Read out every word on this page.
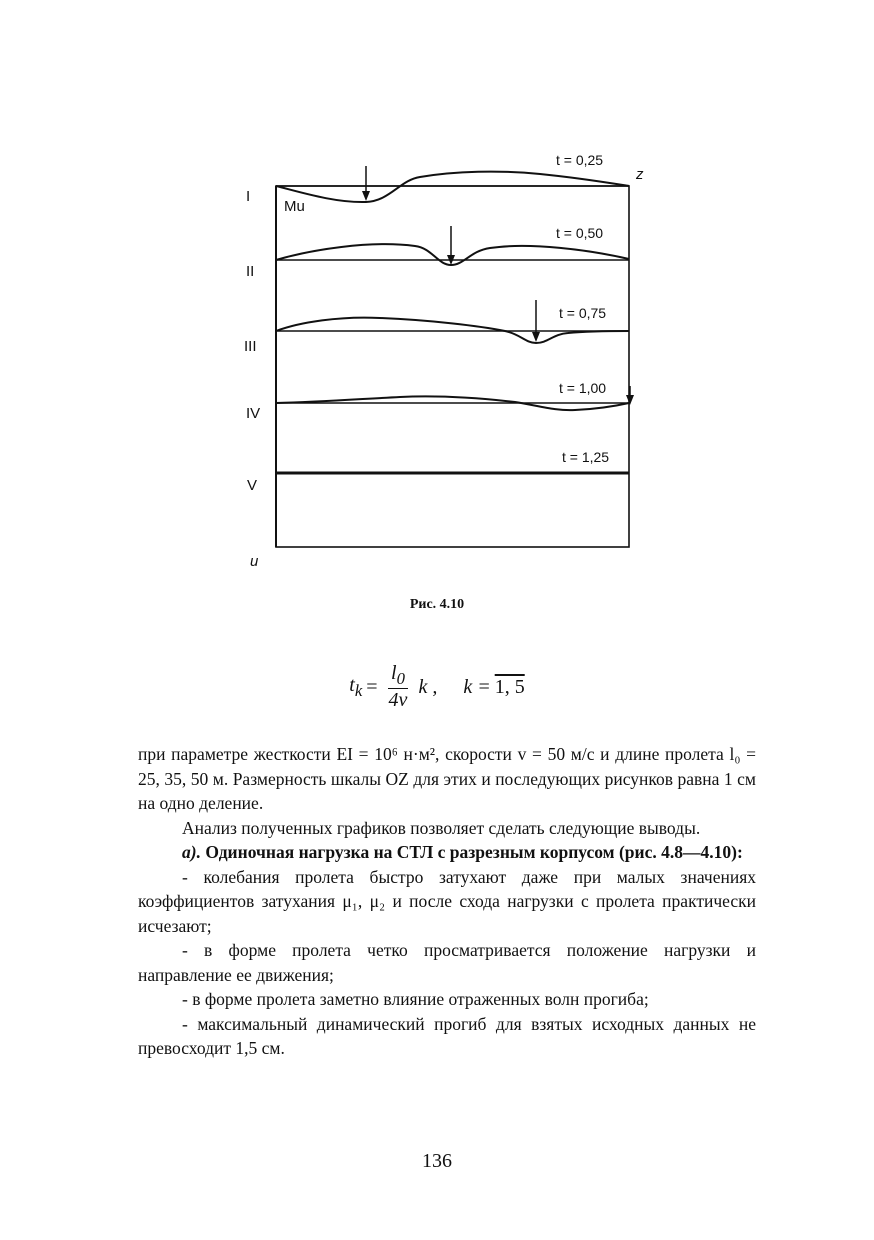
z
u
Mu
I
t = 0,25
II
t = 0,50
III
t = 0,75
IV
t = 1,00
V
t = 1,25
Рис. 4.10
$t_k = \frac{l_0}{4v}$ k , k = 1, 5

при параметре жесткости EI = 10⁶ н·м², скорости v = 50 м/с и длине пролета l₀ = 25, 35, 50 м. Размерность шкалы OZ для этих и последующих рисунков равна 1 см на одно деление.

Анализ полученных графиков позволяет сделать следующие выводы.

а). Одиночная нагрузка на СТЛ с разрезным корпусом (рис. 4.8—4.10):

- колебания пролета быстро затухают даже при малых значениях коэффициентов затухания μ₁, μ₂ и после схода нагрузки с пролета практически исчезают;

- в форме пролета четко просматривается положение нагрузки и направление ее движения;

- в форме пролета заметно влияние отраженных волн прогиба;

- максимальный динамический прогиб для взятых исходных данных не превосходит 1,5 см.

136
